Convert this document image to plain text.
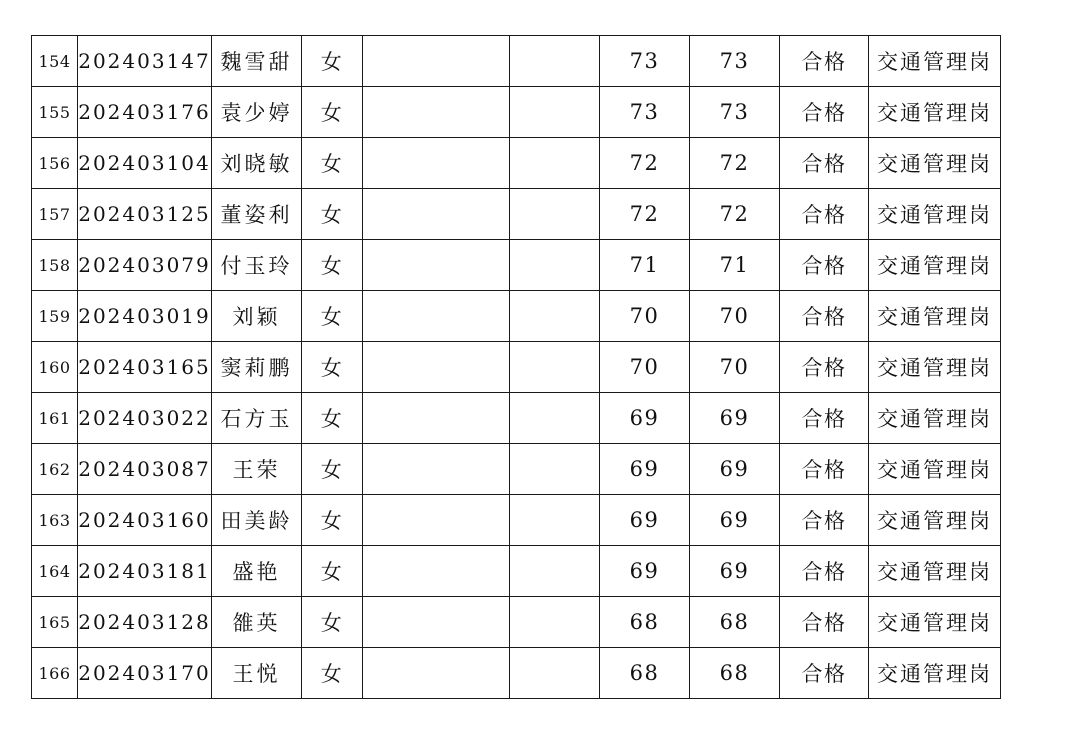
154	202403147	魏雪甜	女			73	73	合格	交通管理岗
155	202403176	袁少婷	女			73	73	合格	交通管理岗
156	202403104	刘晓敏	女			72	72	合格	交通管理岗
157	202403125	董姿利	女			72	72	合格	交通管理岗
158	202403079	付玉玲	女			71	71	合格	交通管理岗
159	202403019	刘颖	女			70	70	合格	交通管理岗
160	202403165	窦莉鹏	女			70	70	合格	交通管理岗
161	202403022	石方玉	女			69	69	合格	交通管理岗
162	202403087	王荣	女			69	69	合格	交通管理岗
163	202403160	田美龄	女			69	69	合格	交通管理岗
164	202403181	盛艳	女			69	69	合格	交通管理岗
165	202403128	雒英	女			68	68	合格	交通管理岗
166	202403170	王悦	女			68	68	合格	交通管理岗
